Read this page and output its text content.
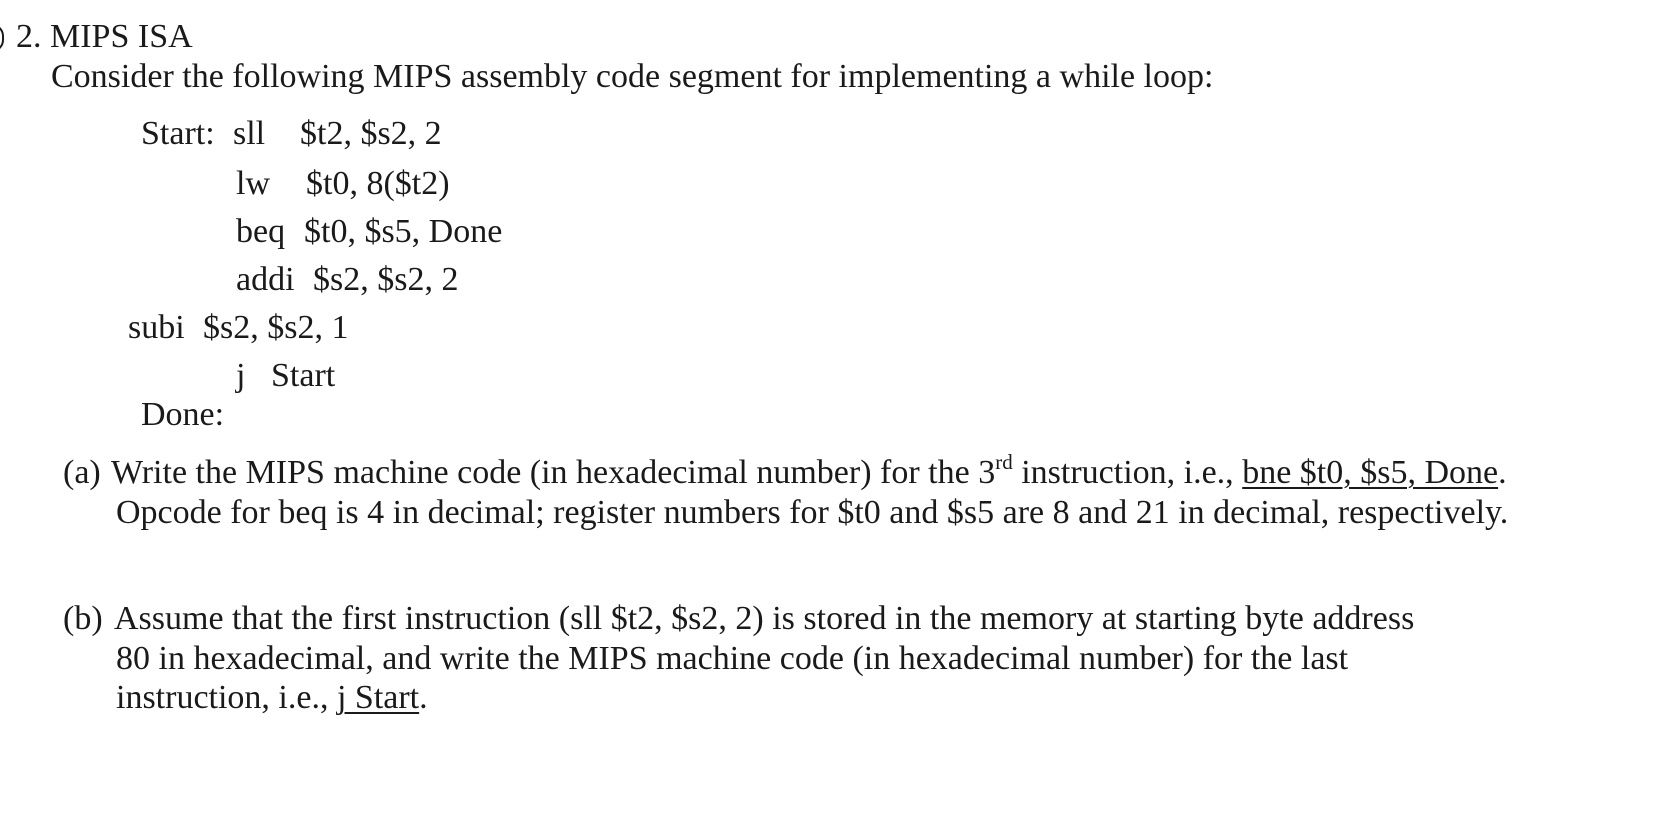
2. MIPS ISA
Consider the following MIPS assembly code segment for implementing a while loop:
Start: sll $t2, $s2, 2
lw $t0, 8($t2)
beq $t0, $s5, Done
addi $s2, $s2, 2
subi $s2, $s2, 1
j Start
Done:
(a) Write the MIPS machine code (in hexadecimal number) for the 3rd instruction, i.e., bne $t0, $s5, Done.
Opcode for beq is 4 in decimal; register numbers for $t0 and $s5 are 8 and 21 in decimal, respectively.
(b) Assume that the first instruction (sll $t2, $s2, 2) is stored in the memory at starting byte address
80 in hexadecimal, and write the MIPS machine code (in hexadecimal number) for the last
instruction, i.e., j Start.
